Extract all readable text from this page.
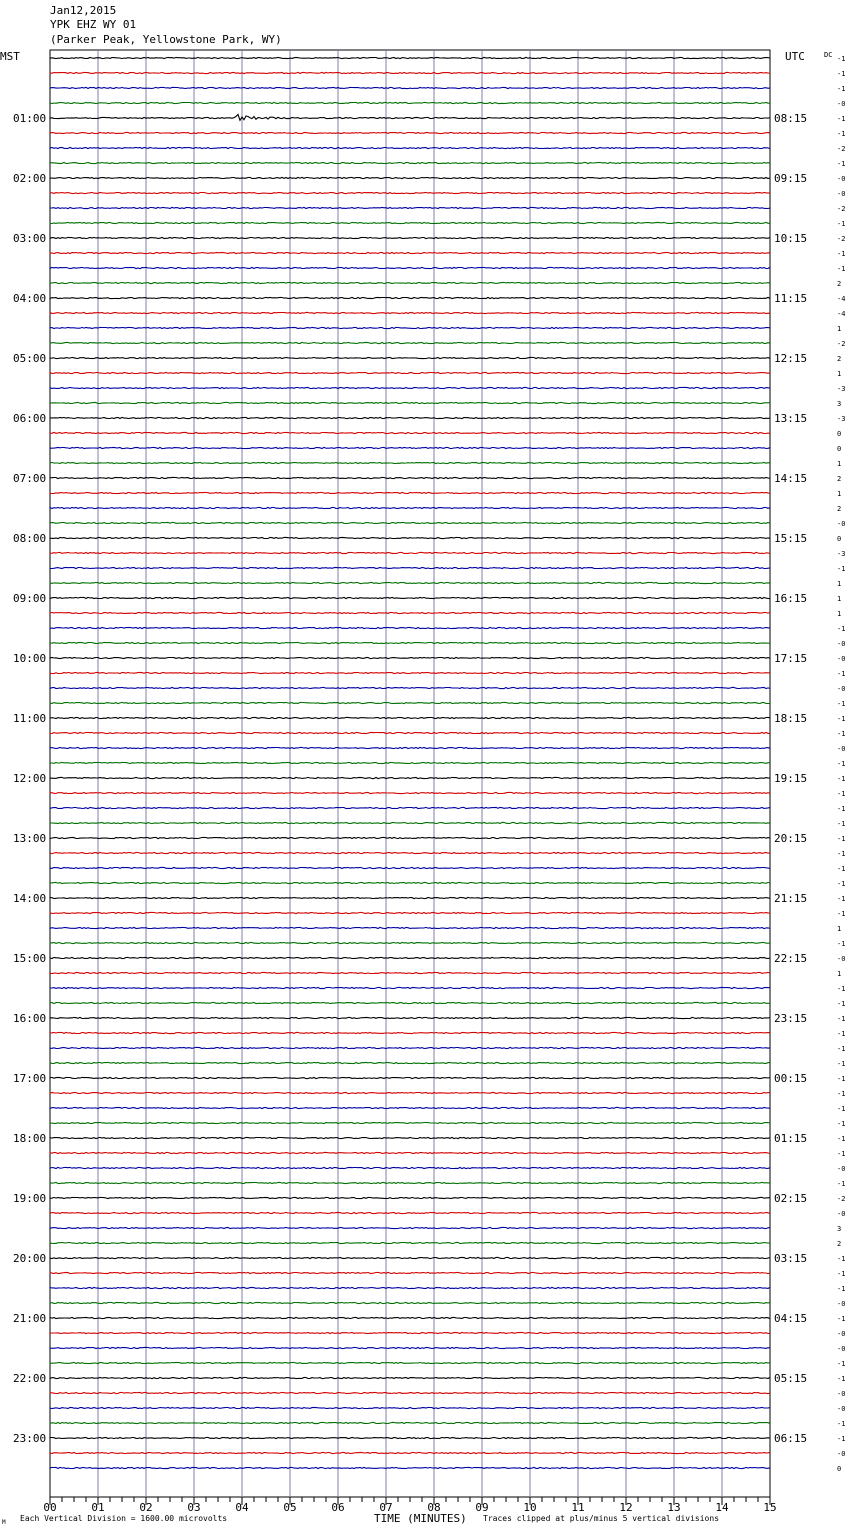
Jan12,2015
YPK EHZ WY 01
(Parker Peak, Yellowstone Park, WY)
MST	UTC	-1
-1
-1
-0
-1
-1
-2
-1
-0
-0
-2
-1
-2
-1
-1
2
-4
-4
1
-2
2
1
-3
3
-3
0
0
1
2
1
2
-0
0
-3
-1
1
1
1
-1
-0
-0
-1
-0
-1
-1
-1
-0
-1
-1
-1
-1
-1
-1
-1
-1
-1
-1
-1
1
-1
-0
1
-1
-1
-1
-1
-1
-1
-1
-1
-1
-1
-1
-1
-0
-1
-2
-0
3
2
-1
-1
-1
-0
-1
-0
-0
-1
-1
-0
-0
-1
-1
-0
0
DC
01:00
02:00
03:00
04:00
05:00
06:00
07:00
08:00
09:00
10:00
11:00
12:00
13:00
14:00
15:00
16:00
17:00
18:00
19:00
20:00
21:00
22:00
23:00
08:15
09:15
10:15
11:15
12:15
13:15
14:15
15:15
16:15
17:15
18:15
19:15
20:15
21:15
22:15
23:15
00:15
01:15
02:15
03:15
04:15
05:15
06:15
00	01	02	03	04	05	06	07	08	09	10	11	12	13	14	15
M Each Vertical Division = 1600.00 microvolts	TIME (MINUTES) Traces clipped at plus/minus 5 vertical divisions
